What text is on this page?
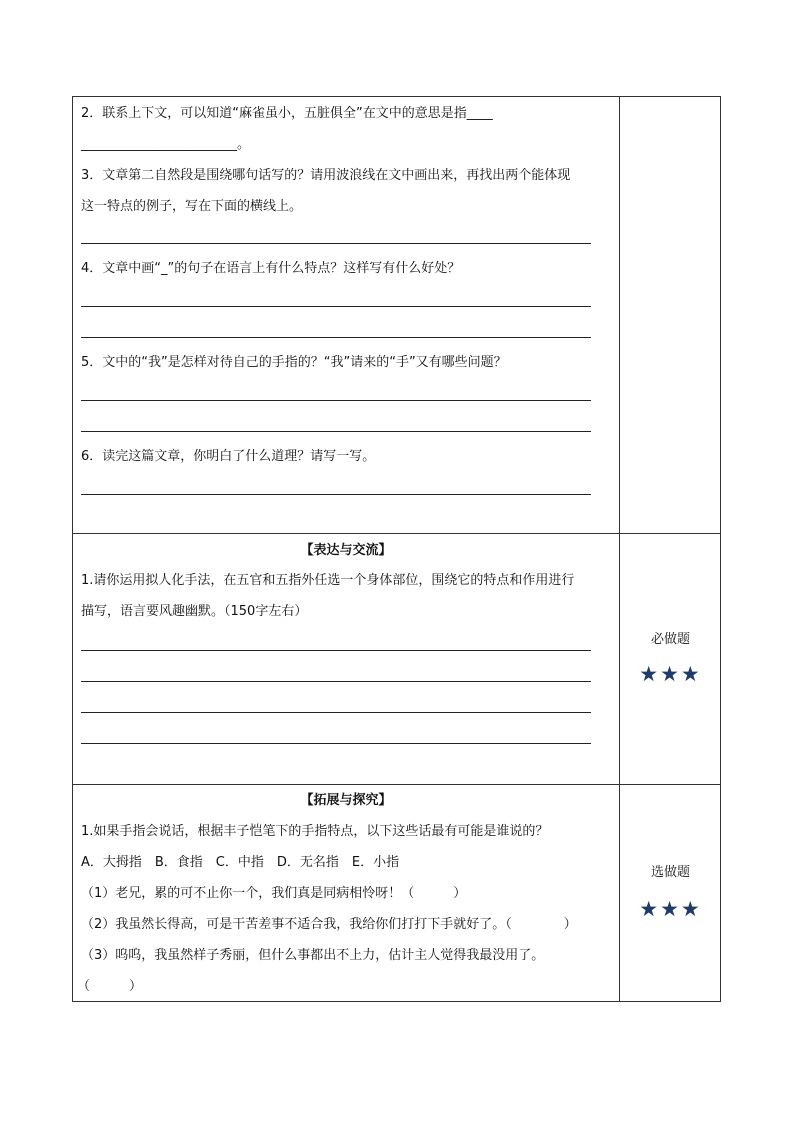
2．联系上下文，可以知道“麻雀虽小，五脏俱全”在文中的意思是指____
________________________。
3．文章第二自然段是围绕哪句话写的？请用波浪线在文中画出来，再找出两个能体现
这一特点的例子，写在下面的横线上。
4．文章中画“_”的句子在语言上有什么特点？这样写有什么好处？
5．文中的“我”是怎样对待自己的手指的？“我”请来的“手”又有哪些问题？
6．读完这篇文章，你明白了什么道理？请写一写。
【表达与交流】
1.请你运用拟人化手法，在五官和五指外任选一个身体部位，围绕它的特点和作用进行
描写，语言要风趣幽默。（150字左右）
必做题
★★★
【拓展与探究】
1.如果手指会说话，根据丰子恺笔下的手指特点，以下这些话最有可能是谁说的？
A．大拇指　B．食指　C．中指　D．无名指　E．小指
（1）老兄，累的可不止你一个，我们真是同病相怜呀！（　　　）
（2）我虽然长得高，可是干苦差事不适合我，我给你们打打下手就好了。（　　　　）
（3）呜呜，我虽然样子秀丽，但什么事都出不上力，估计主人觉得我最没用了。
（　　　）
选做题
★★★
